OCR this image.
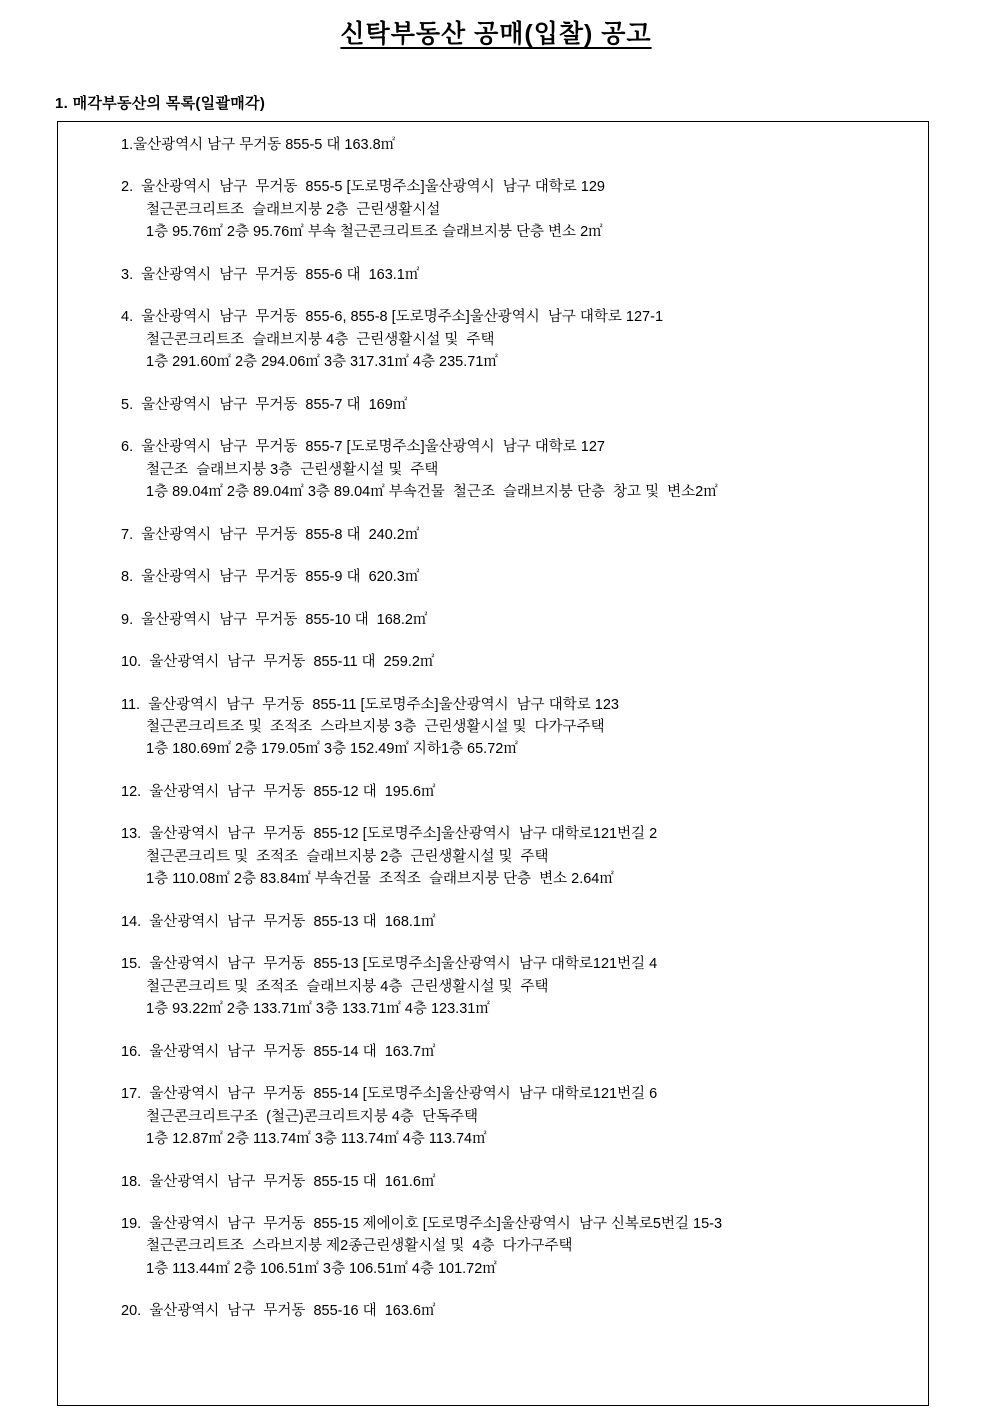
신탁부동산 공매(입찰) 공고
1. 매각부동산의 목록(일괄매각)
1.울산광역시 남구 무거동 855-5 대 163.8㎡
2.  울산광역시  남구  무거동  855-5 [도로명주소]울산광역시  남구 대학로 129
철근콘크리트조  슬래브지붕 2층  근린생활시설
1층 95.76㎡ 2층 95.76㎡ 부속 철근콘크리트조 슬래브지붕 단층 변소 2㎡
3.  울산광역시  남구  무거동  855-6 대  163.1㎡
4.  울산광역시  남구  무거동  855-6, 855-8 [도로명주소]울산광역시  남구 대학로 127-1
철근콘크리트조  슬래브지붕 4층  근린생활시설 및  주택
1층 291.60㎡ 2층 294.06㎡ 3층 317.31㎡ 4층 235.71㎡
5.  울산광역시  남구  무거동  855-7 대  169㎡
6.  울산광역시  남구  무거동  855-7 [도로명주소]울산광역시  남구 대학로 127
철근조  슬래브지붕 3층  근린생활시설 및  주택
1층 89.04㎡ 2층 89.04㎡ 3층 89.04㎡ 부속건물  철근조  슬래브지붕 단층  창고 및  변소2㎡
7.  울산광역시  남구  무거동  855-8 대  240.2㎡
8.  울산광역시  남구  무거동  855-9 대  620.3㎡
9.  울산광역시  남구  무거동  855-10 대  168.2㎡
10.  울산광역시  남구  무거동  855-11 대  259.2㎡
11.  울산광역시  남구  무거동  855-11 [도로명주소]울산광역시  남구 대학로 123
철근콘크리트조 및  조적조  스라브지붕 3층  근린생활시설 및  다가구주택
1층 180.69㎡ 2층 179.05㎡ 3층 152.49㎡ 지하1층 65.72㎡
12.  울산광역시  남구  무거동  855-12 대  195.6㎡
13.  울산광역시  남구  무거동  855-12 [도로명주소]울산광역시  남구 대학로121번길 2
철근콘크리트 및  조적조  슬래브지붕 2층  근린생활시설 및  주택
1층 110.08㎡ 2층 83.84㎡ 부속건물  조적조  슬래브지붕 단층  변소 2.64㎡
14.  울산광역시  남구  무거동  855-13 대  168.1㎡
15.  울산광역시  남구  무거동  855-13 [도로명주소]울산광역시  남구 대학로121번길 4
철근콘크리트 및  조적조  슬래브지붕 4층  근린생활시설 및  주택
1층 93.22㎡ 2층 133.71㎡ 3층 133.71㎡ 4층 123.31㎡
16.  울산광역시  남구  무거동  855-14 대  163.7㎡
17.  울산광역시  남구  무거동  855-14 [도로명주소]울산광역시  남구 대학로121번길 6
철근콘크리트구조  (철근)콘크리트지붕 4층  단독주택
1층 12.87㎡ 2층 113.74㎡ 3층 113.74㎡ 4층 113.74㎡
18.  울산광역시  남구  무거동  855-15 대  161.6㎡
19.  울산광역시  남구  무거동  855-15 제에이호 [도로명주소]울산광역시  남구 신복로5번길 15-3
철근콘크리트조  스라브지붕 제2종근린생활시설 및  4층  다가구주택
1층 113.44㎡ 2층 106.51㎡ 3층 106.51㎡ 4층 101.72㎡
20.  울산광역시  남구  무거동  855-16 대  163.6㎡
